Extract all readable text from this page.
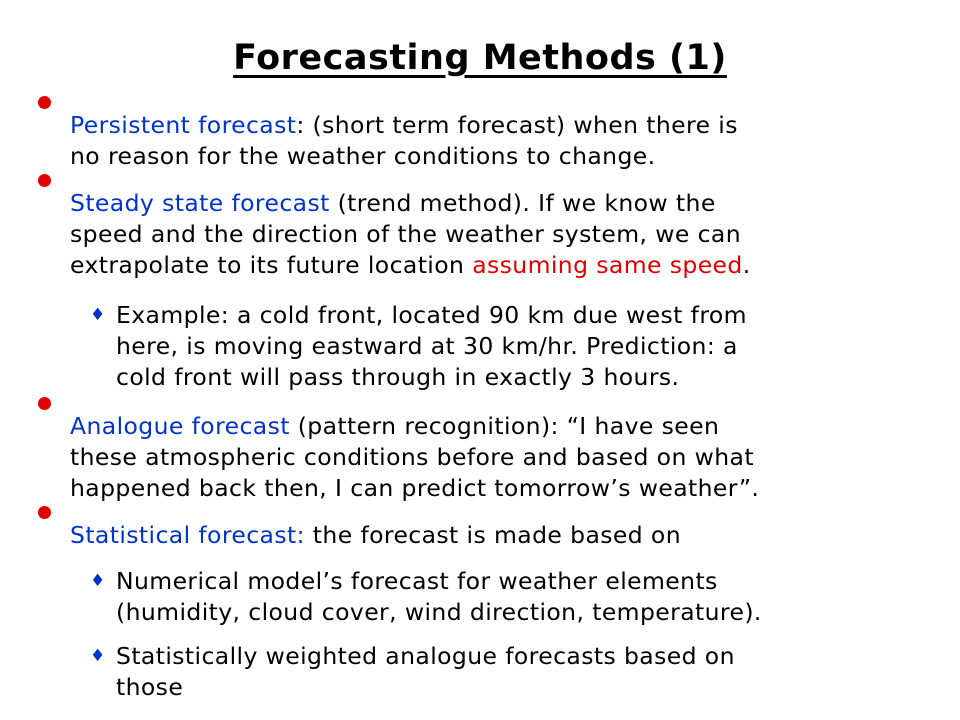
Forecasting Methods (1)
Persistent forecast: (short term forecast) when there is
no reason for the weather conditions to change.
Steady state forecast (trend method). If we know the
speed and the direction of the weather system, we can
extrapolate to its future location assuming same speed.
♦ Example: a cold front, located 90 km due west from
here, is moving eastward at 30 km/hr. Prediction: a
cold front will pass through in exactly 3 hours.
Analogue forecast (pattern recognition): “I have seen
these atmospheric conditions before and based on what
happened back then, I can predict tomorrow’s weather”.
Statistical forecast: the forecast is made based on
♦ Numerical model’s forecast for weather elements
(humidity, cloud cover, wind direction, temperature).
♦ Statistically weighted analogue forecasts based on
those
